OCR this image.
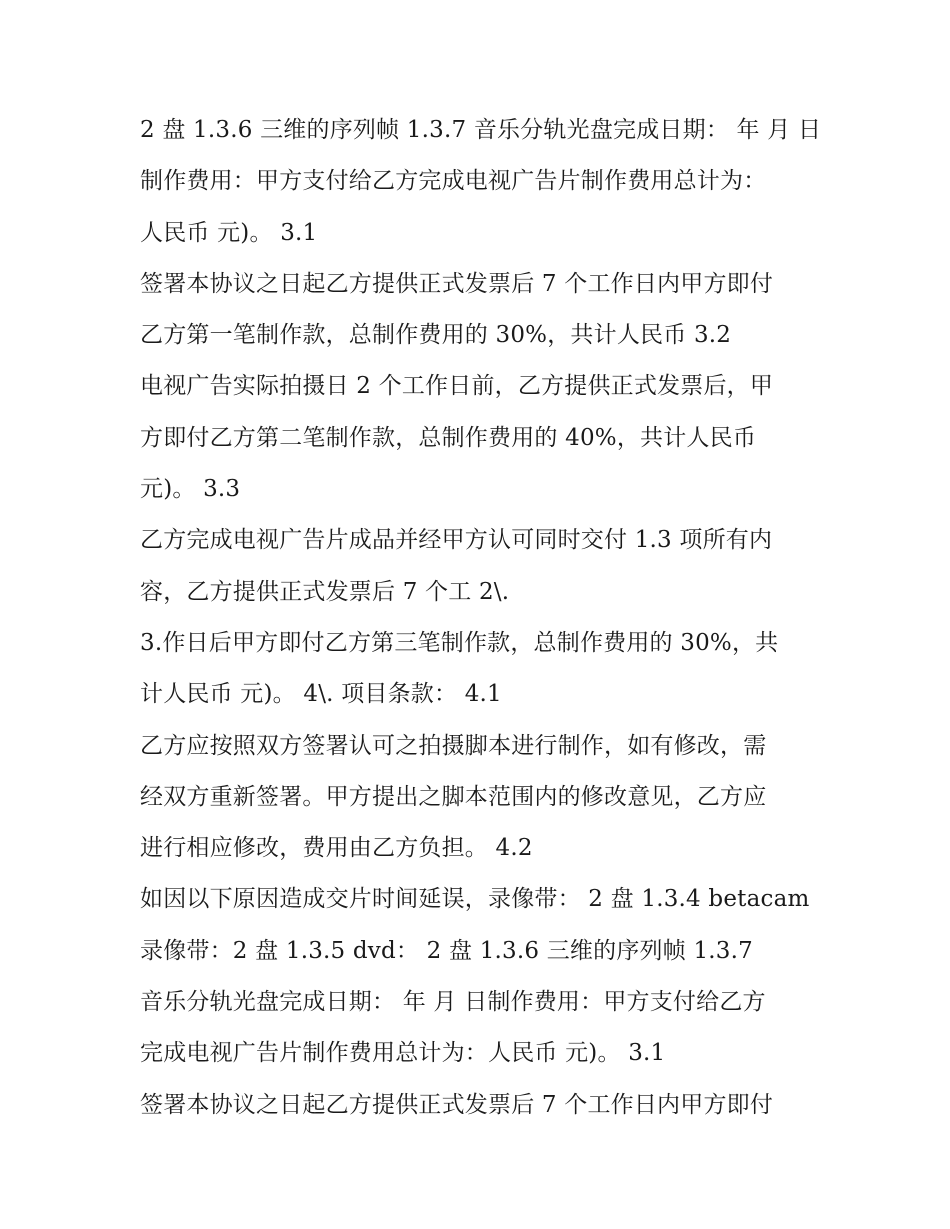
2 盘 1.3.6 三维的序列帧 1.3.7 音乐分轨光盘完成日期： 年 月 日
制作费用：甲方支付给乙方完成电视广告片制作费用总计为：
人民币 元)。 3.1
签署本协议之日起乙方提供正式发票后 7 个工作日内甲方即付
乙方第一笔制作款，总制作费用的 30%，共计人民币 3.2
电视广告实际拍摄日 2 个工作日前，乙方提供正式发票后，甲
方即付乙方第二笔制作款，总制作费用的 40%，共计人民币
元)。 3.3
乙方完成电视广告片成品并经甲方认可同时交付 1.3 项所有内
容，乙方提供正式发票后 7 个工 2\.
3.作日后甲方即付乙方第三笔制作款，总制作费用的 30%，共
计人民币 元)。 4\. 项目条款： 4.1
乙方应按照双方签署认可之拍摄脚本进行制作，如有修改，需
经双方重新签署。甲方提出之脚本范围内的修改意见，乙方应
进行相应修改，费用由乙方负担。 4.2
如因以下原因造成交片时间延误，录像带： 2 盘 1.3.4 betacam
录像带：2 盘 1.3.5 dvd： 2 盘 1.3.6 三维的序列帧 1.3.7
音乐分轨光盘完成日期： 年 月 日制作费用：甲方支付给乙方
完成电视广告片制作费用总计为：人民币 元)。 3.1
签署本协议之日起乙方提供正式发票后 7 个工作日内甲方即付
